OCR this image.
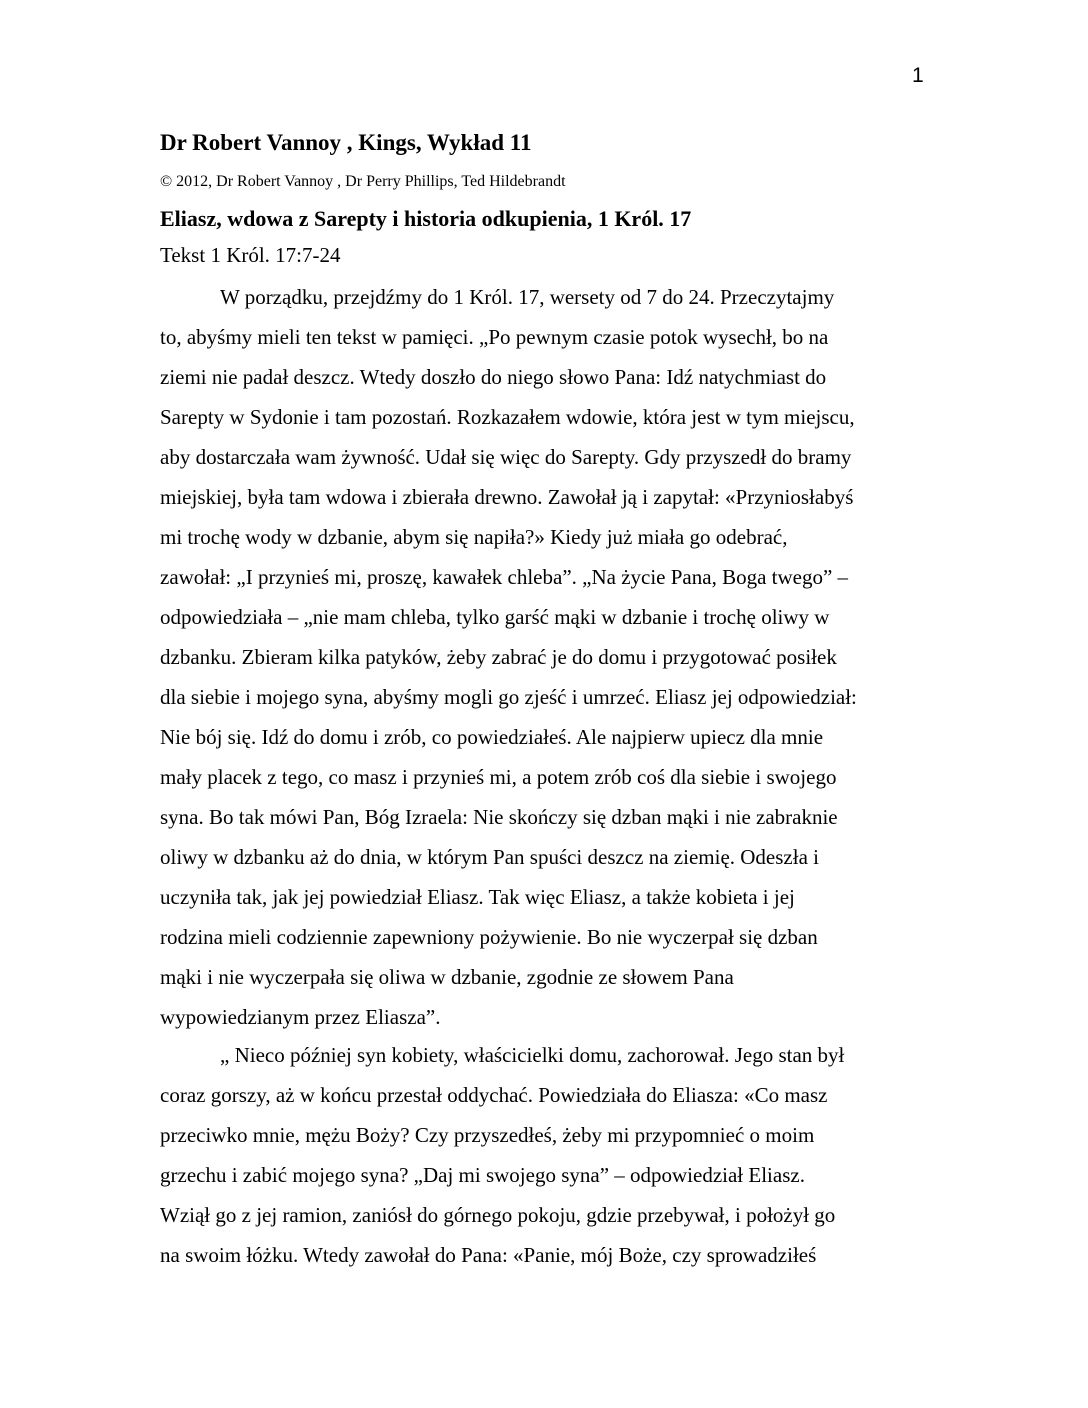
1
Dr Robert Vannoy , Kings, Wykład 11
© 2012, Dr Robert Vannoy , Dr Perry Phillips, Ted Hildebrandt
Eliasz, wdowa z Sarepty i historia odkupienia, 1 Król. 17
Tekst 1 Król. 17:7-24
W porządku, przejdźmy do 1 Król. 17, wersety od 7 do 24. Przeczytajmy
to, abyśmy mieli ten tekst w pamięci. „Po pewnym czasie potok wysechł, bo na
ziemi nie padał deszcz. Wtedy doszło do niego słowo Pana: Idź natychmiast do
Sarepty w Sydonie i tam pozostań. Rozkazałem wdowie, która jest w tym miejscu,
aby dostarczała wam żywność. Udał się więc do Sarepty. Gdy przyszedł do bramy
miejskiej, była tam wdowa i zbierała drewno. Zawołał ją i zapytał: «Przyniosłabyś
mi trochę wody w dzbanie, abym się napiła?» Kiedy już miała go odebrać,
zawołał: „I przynieś mi, proszę, kawałek chleba”. „Na życie Pana, Boga twego” –
odpowiedziała – „nie mam chleba, tylko garść mąki w dzbanie i trochę oliwy w
dzbanku. Zbieram kilka patyków, żeby zabrać je do domu i przygotować posiłek
dla siebie i mojego syna, abyśmy mogli go zjeść i umrzeć. Eliasz jej odpowiedział:
Nie bój się. Idź do domu i zrób, co powiedziałeś. Ale najpierw upiecz dla mnie
mały placek z tego, co masz i przynieś mi, a potem zrób coś dla siebie i swojego
syna. Bo tak mówi Pan, Bóg Izraela: Nie skończy się dzban mąki i nie zabraknie
oliwy w dzbanku aż do dnia, w którym Pan spuści deszcz na ziemię. Odeszła i
uczyniła tak, jak jej powiedział Eliasz. Tak więc Eliasz, a także kobieta i jej
rodzina mieli codziennie zapewniony pożywienie. Bo nie wyczerpał się dzban
mąki i nie wyczerpała się oliwa w dzbanie, zgodnie ze słowem Pana
wypowiedzianym przez Eliasza”.
„ Nieco później syn kobiety, właścicielki domu, zachorował. Jego stan był
coraz gorszy, aż w końcu przestał oddychać. Powiedziała do Eliasza: «Co masz
przeciwko mnie, mężu Boży? Czy przyszedłeś, żeby mi przypomnieć o moim
grzechu i zabić mojego syna? „Daj mi swojego syna” – odpowiedział Eliasz.
Wziął go z jej ramion, zaniósł do górnego pokoju, gdzie przebywał, i położył go
na swoim łóżku. Wtedy zawołał do Pana: «Panie, mój Boże, czy sprowadziłeś
